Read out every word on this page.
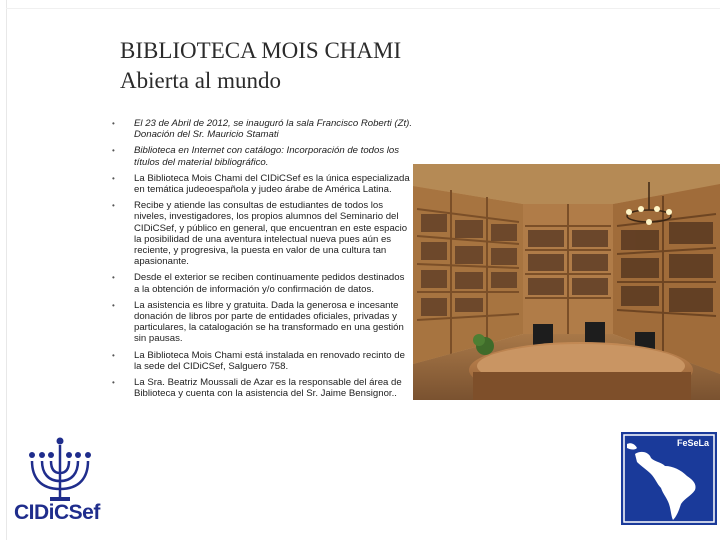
BIBLIOTECA MOIS CHAMI
Abierta al mundo
• El 23 de Abril de 2012, se inauguró la sala Francisco Roberti (Zt). Donación del Sr. Mauricio Stamati
• Biblioteca en Internet con catálogo: Incorporación de todos los títulos del material bibliográfico.
• La Biblioteca Mois Chami del CIDiCSef es la única especializada en temática judeoespañola y judeo árabe de América Latina.
• Recibe y atiende las consultas de estudiantes de todos los niveles, investigadores, los propios alumnos del Seminario del CIDiCSef, y público en general, que encuentran en este espacio la posibilidad de una aventura intelectual nueva pues aún es reciente, y progresiva, la puesta en valor de una cultura tan apasionante.
• Desde el exterior se reciben continuamente pedidos destinados a la obtención de información y/o confirmación de datos.
• La asistencia es libre y gratuita. Dada la generosa e incesante donación de libros por parte de entidades oficiales, privadas y particulares, la catalogación se ha transformado en una gestión sin pausas.
• La Biblioteca Mois Chami está instalada en renovado recinto de la sede del CIDiCSef, Salguero 758.
• La Sra. Beatriz Moussali de Azar es la responsable del área de Biblioteca y cuenta con la asistencia del Sr. Jaime Bensignor..
CIDiCSef
FeSeLa
